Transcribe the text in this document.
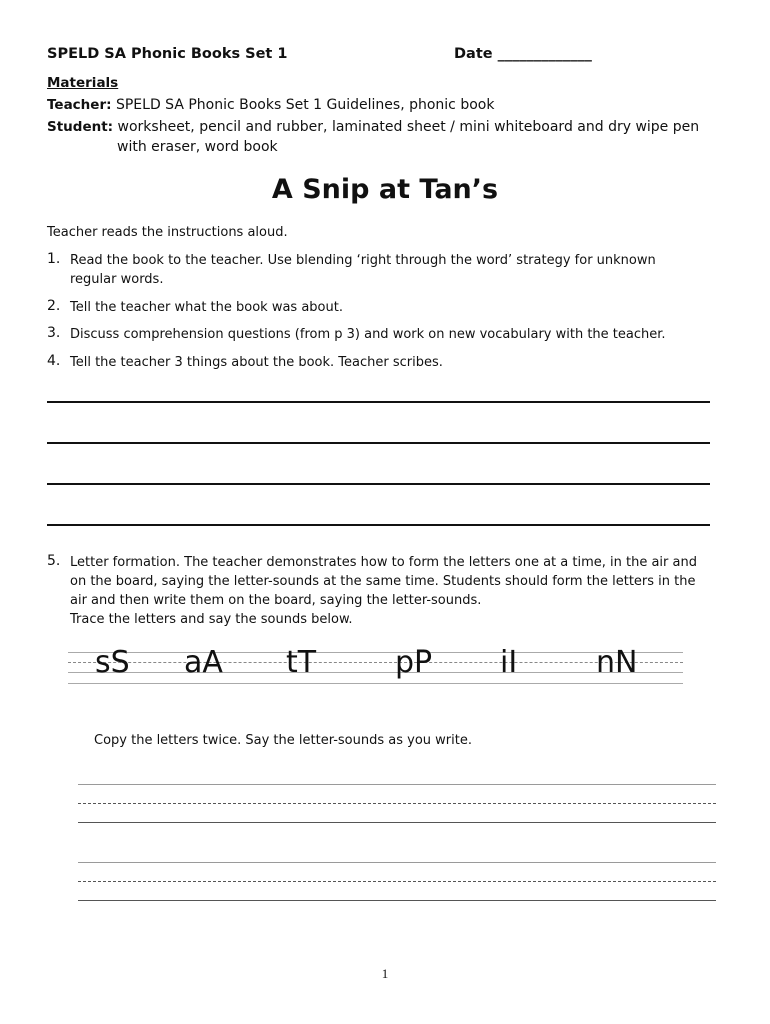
SPELD SA Phonic Books Set 1	Date _____________
Materials
Teacher: SPELD SA Phonic Books Set 1 Guidelines, phonic book
Student: worksheet, pencil and rubber, laminated sheet / mini whiteboard and dry wipe pen
with eraser, word book
A Snip at Tan’s
Teacher reads the instructions aloud.
1. Read the book to the teacher. Use blending ‘right through the word’ strategy for unknown
regular words.
2. Tell the teacher what the book was about.
3. Discuss comprehension questions (from p 3) and work on new vocabulary with the teacher.
4. Tell the teacher 3 things about the book. Teacher scribes.
5. Letter formation. The teacher demonstrates how to form the letters one at a time, in the air and
on the board, saying the letter-sounds at the same time. Students should form the letters in the
air and then write them on the board, saying the letter-sounds.
Trace the letters and say the sounds below.
sS aA tT	pP iI	nN
Copy the letters twice. Say the letter-sounds as you write.
1
